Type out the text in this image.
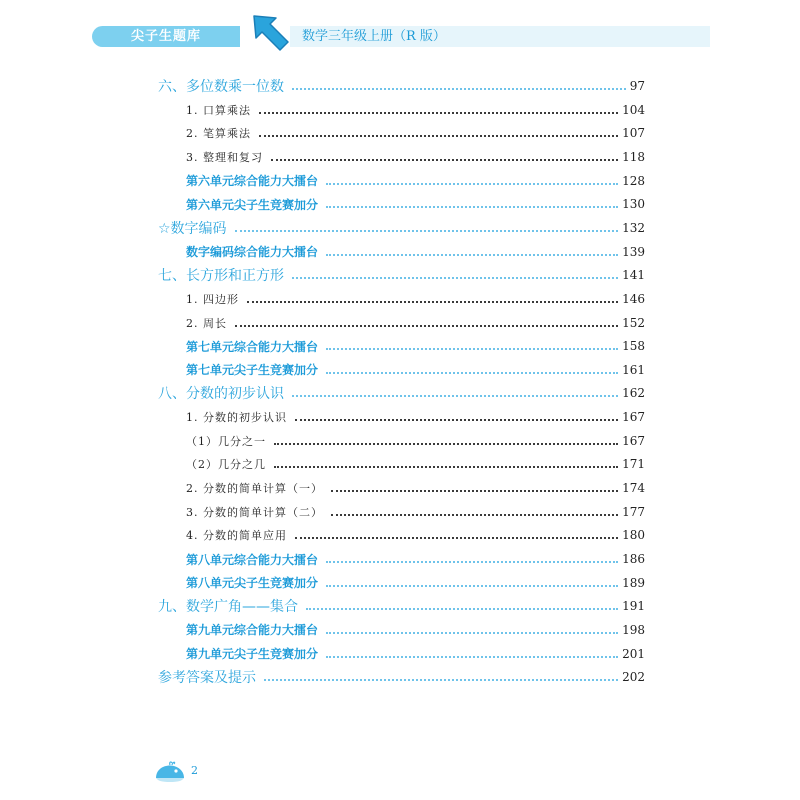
尖子生题库	数学三年级上册（R 版）
六、多位数乘一位数	97
1. 口算乘法	104
2. 笔算乘法	107
3. 整理和复习	118
第六单元综合能力大擂台	128
第六单元尖子生竞赛加分	130
☆数字编码	132
数字编码综合能力大擂台	139
七、长方形和正方形	141
1. 四边形	146
2. 周长	152
第七单元综合能力大擂台	158
第七单元尖子生竞赛加分	161
八、分数的初步认识	162
1. 分数的初步认识	167
（1）几分之一	167
（2）几分之几	171
2. 分数的简单计算（一）	174
3. 分数的简单计算（二）	177
4. 分数的简单应用	180
第八单元综合能力大擂台	186
第八单元尖子生竞赛加分	189
九、数学广角——集合	191
第九单元综合能力大擂台	198
第九单元尖子生竞赛加分	201
参考答案及提示	202
2
